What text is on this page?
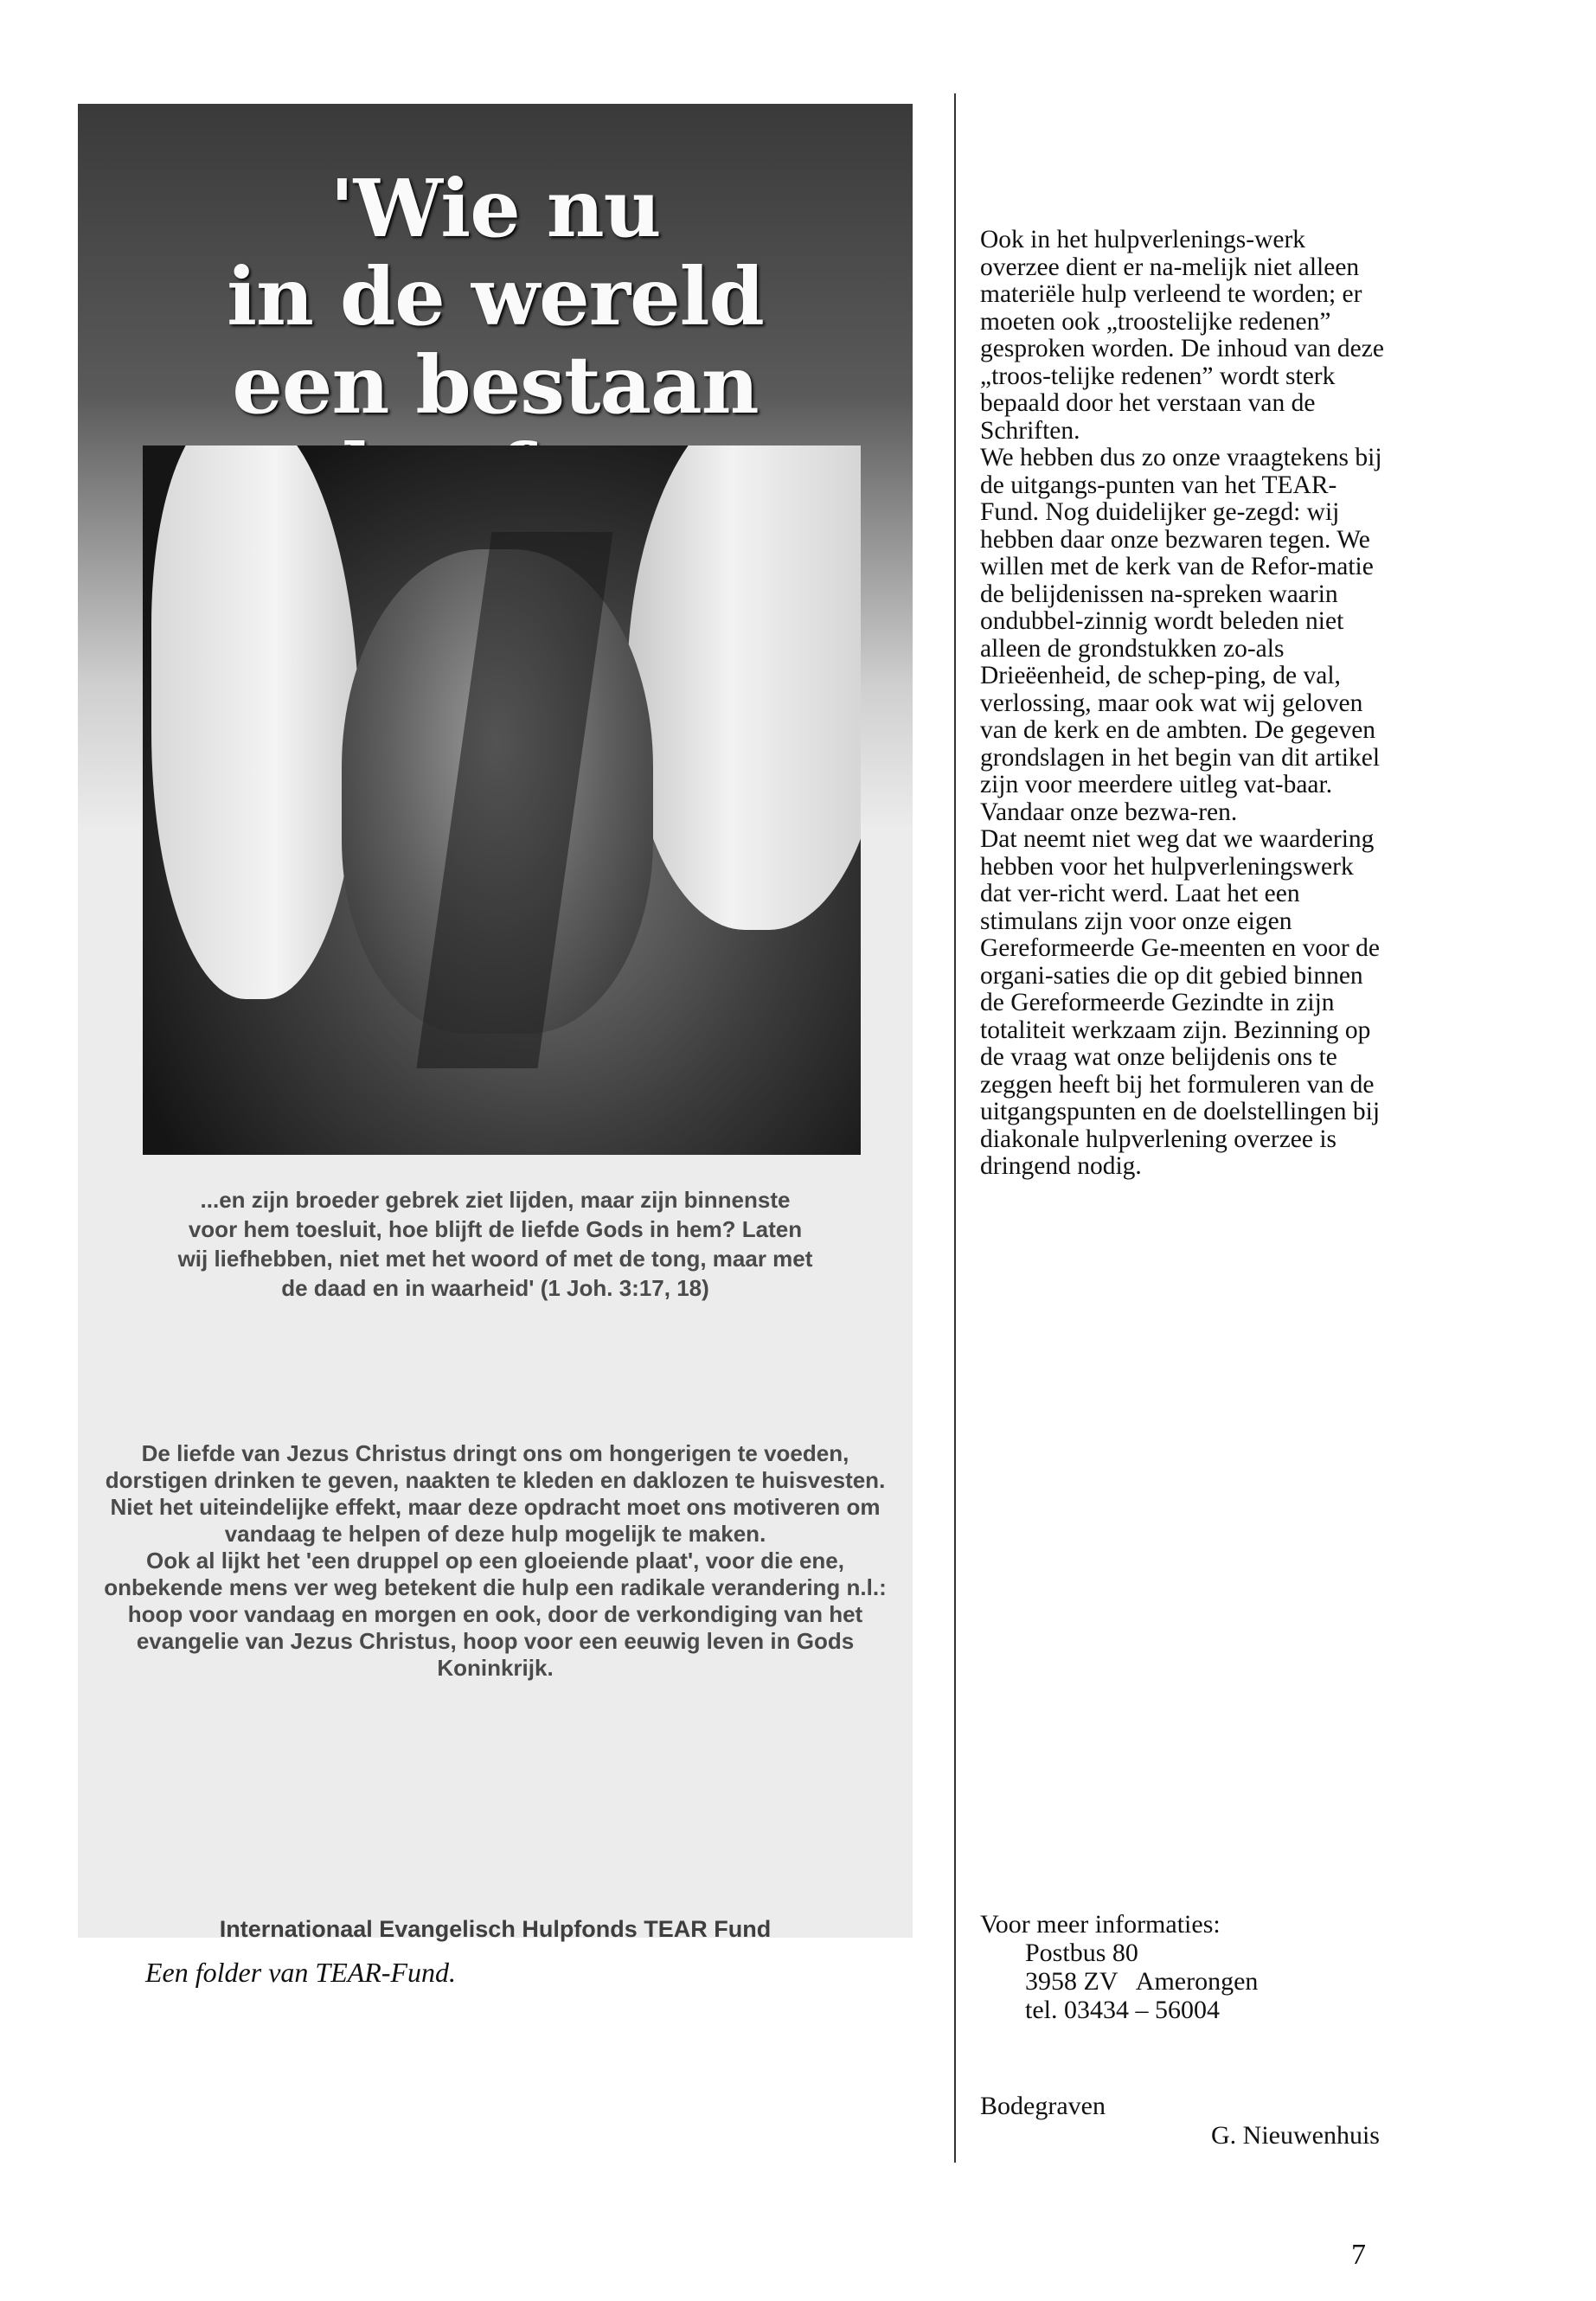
'Wie nu
in de wereld
een bestaan

...en zijn broeder gebrek ziet lijden, maar zijn binnenste voor hem toesluit, hoe blijft de liefde Gods in hem? Laten wij liefhebben, niet met het woord of met de tong, maar met de daad en in waarheid' (1 Joh. 3:17, 18)

De liefde van Jezus Christus dringt ons om hongerigen te voeden, dorstigen drinken te geven, naakten te kleden en daklozen te huisvesten. Niet het uiteindelijke effekt, maar deze opdracht moet ons motiveren om vandaag te helpen of deze hulp mogelijk te maken.

Ook al lijkt het 'een druppel op een gloeiende plaat', voor die ene, onbekende mens ver weg betekent die hulp een radikale verandering n.l.: hoop voor vandaag en morgen en ook, door de verkondiging van het evangelie van Jezus Christus, hoop voor een eeuwig leven in Gods Koninkrijk.

Internationaal Evangelisch Hulpfonds TEAR Fund

Een folder van TEAR-Fund.

Ook in het hulpverlenings-werk overzee dient er na-melijk niet alleen materiële hulp verleend te worden; er moeten ook „troostelijke redenen” gesproken worden. De inhoud van deze „troos-telijke redenen” wordt sterk bepaald door het verstaan van de Schriften.

We hebben dus zo onze vraagtekens bij de uitgangs-punten van het TEAR-Fund. Nog duidelijker ge-zegd: wij hebben daar onze bezwaren tegen. We willen met de kerk van de Refor-matie de belijdenissen na-spreken waarin ondubbel-zinnig wordt beleden niet alleen de grondstukken zo-als Drieëenheid, de schep-ping, de val, verlossing, maar ook wat wij geloven van de kerk en de ambten. De gegeven grondslagen in het begin van dit artikel zijn voor meerdere uitleg vat-baar. Vandaar onze bezwa-ren.

Dat neemt niet weg dat we waardering hebben voor het hulpverleningswerk dat ver-richt werd. Laat het een stimulans zijn voor onze eigen Gereformeerde Ge-meenten en voor de organi-saties die op dit gebied binnen de Gereformeerde Gezindte in zijn totaliteit werkzaam zijn. Bezinning op de vraag wat onze belijdenis ons te zeggen heeft bij het formuleren van de uitgangspunten en de doelstellingen bij diakonale hulpverlening overzee is dringend nodig.

Voor meer informaties:

Postbus 80

3958 ZV   Amerongen

tel. 03434 – 56004

Bodegraven

G. Nieuwenhuis

7
